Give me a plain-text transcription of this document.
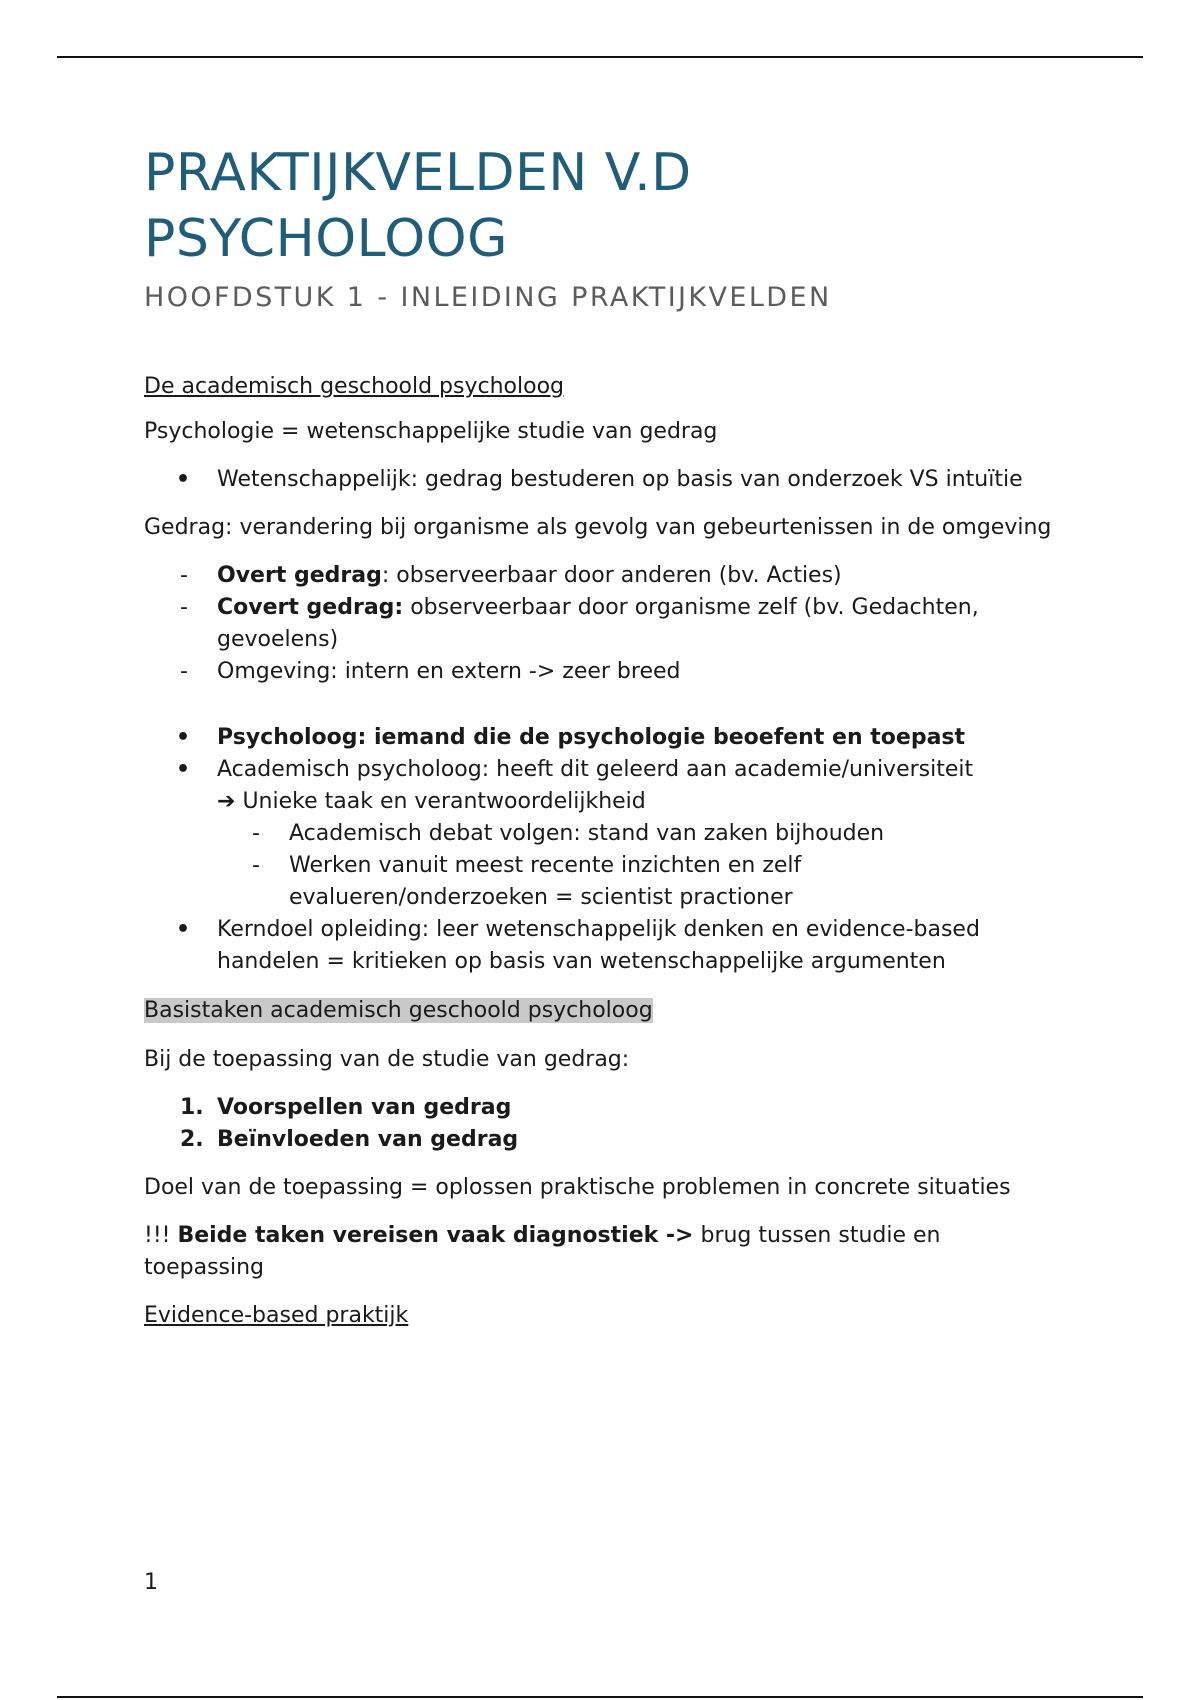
PRAKTIJKVELDEN V.D
PSYCHOLOOG
HOOFDSTUK 1 - INLEIDING PRAKTIJKVELDEN

De academisch geschoold psycholoog

Psychologie = wetenschappelijke studie van gedrag

• Wetenschappelijk: gedrag bestuderen op basis van onderzoek VS intuïtie

Gedrag: verandering bij organisme als gevolg van gebeurtenissen in de omgeving

- Overt gedrag: observeerbaar door anderen (bv. Acties)
- Covert gedrag: observeerbaar door organisme zelf (bv. Gedachten, gevoelens)
- Omgeving: intern en extern -> zeer breed
• Psycholoog: iemand die de psychologie beoefent en toepast
• Academisch psycholoog: heeft dit geleerd aan academie/universiteit
➔ Unieke taak en verantwoordelijkheid
- Academisch debat volgen: stand van zaken bijhouden
- Werken vanuit meest recente inzichten en zelf evalueren/onderzoeken = scientist practioner
• Kerndoel opleiding: leer wetenschappelijk denken en evidence-based handelen = kritieken op basis van wetenschappelijke argumenten

Basistaken academisch geschoold psycholoog

Bij de toepassing van de studie van gedrag:

1. Voorspellen van gedrag
2. Beïnvloeden van gedrag

Doel van de toepassing = oplossen praktische problemen in concrete situaties

!!! Beide taken vereisen vaak diagnostiek -> brug tussen studie en toepassing

Evidence-based praktijk

1
